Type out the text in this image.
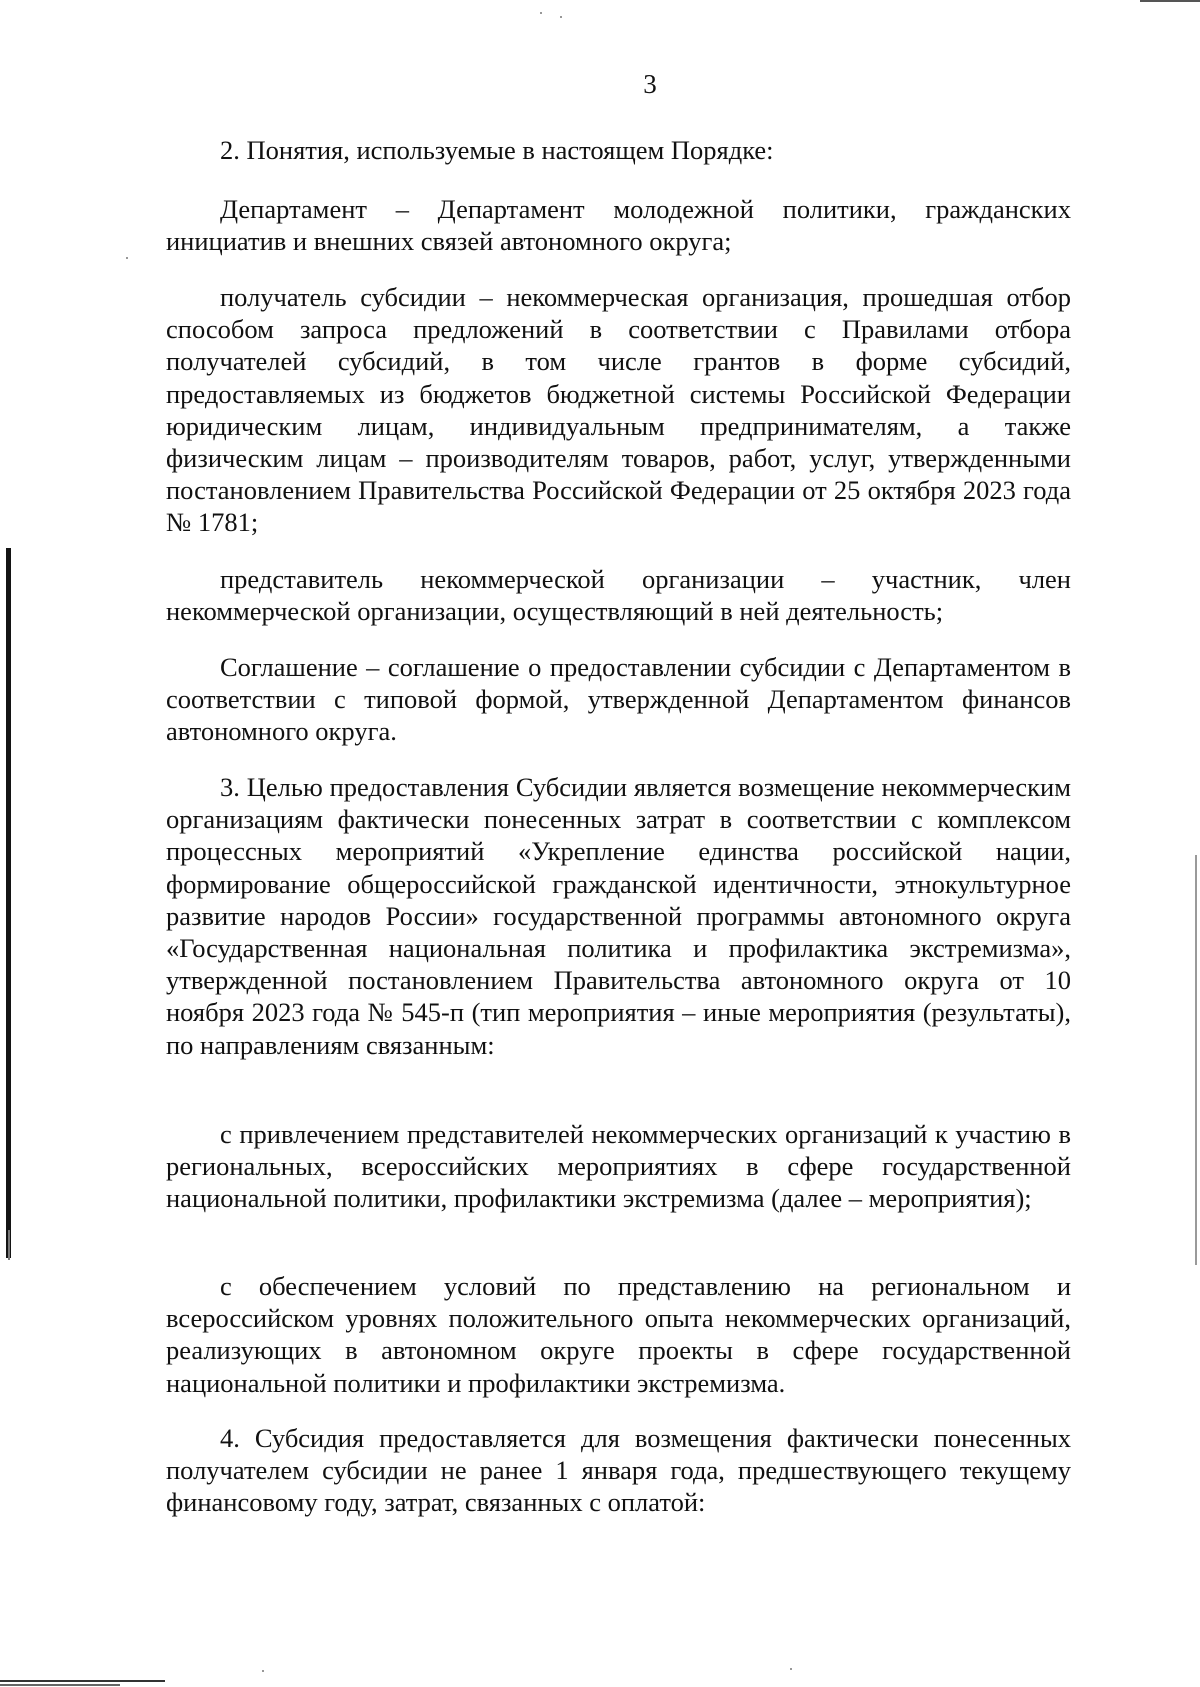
3

2. Понятия, используемые в настоящем Порядке:

Департамент – Департамент молодежной политики, гражданских инициатив и внешних связей автономного округа;

получатель субсидии – некоммерческая организация, прошедшая отбор способом запроса предложений в соответствии с Правилами отбора получателей субсидий, в том числе грантов в форме субсидий, предоставляемых из бюджетов бюджетной системы Российской Федерации юридическим лицам, индивидуальным предпринимателям, а также физическим лицам – производителям товаров, работ, услуг, утвержденными постановлением Правительства Российской Федерации от 25 октября 2023 года № 1781;

представитель некоммерческой организации – участник, член некоммерческой организации, осуществляющий в ней деятельность;

Соглашение – соглашение о предоставлении субсидии с Департаментом в соответствии с типовой формой, утвержденной Департаментом финансов автономного округа.

3. Целью предоставления Субсидии является возмещение некоммерческим организациям фактически понесенных затрат в соответствии с комплексом процессных мероприятий «Укрепление единства российской нации, формирование общероссийской гражданской идентичности, этнокультурное развитие народов России» государственной программы автономного округа «Государственная национальная политика и профилактика экстремизма», утвержденной постановлением Правительства автономного округа от 10 ноября 2023 года № 545-п (тип мероприятия – иные мероприятия (результаты), по направлениям связанным:

с привлечением представителей некоммерческих организаций к участию в региональных, всероссийских мероприятиях в сфере государственной национальной политики, профилактики экстремизма (далее – мероприятия);

с обеспечением условий по представлению на региональном и всероссийском уровнях положительного опыта некоммерческих организаций, реализующих в автономном округе проекты в сфере государственной национальной политики и профилактики экстремизма.

4. Субсидия предоставляется для возмещения фактически понесенных получателем субсидии не ранее 1 января года, предшествующего текущему финансовому году, затрат, связанных с оплатой:
